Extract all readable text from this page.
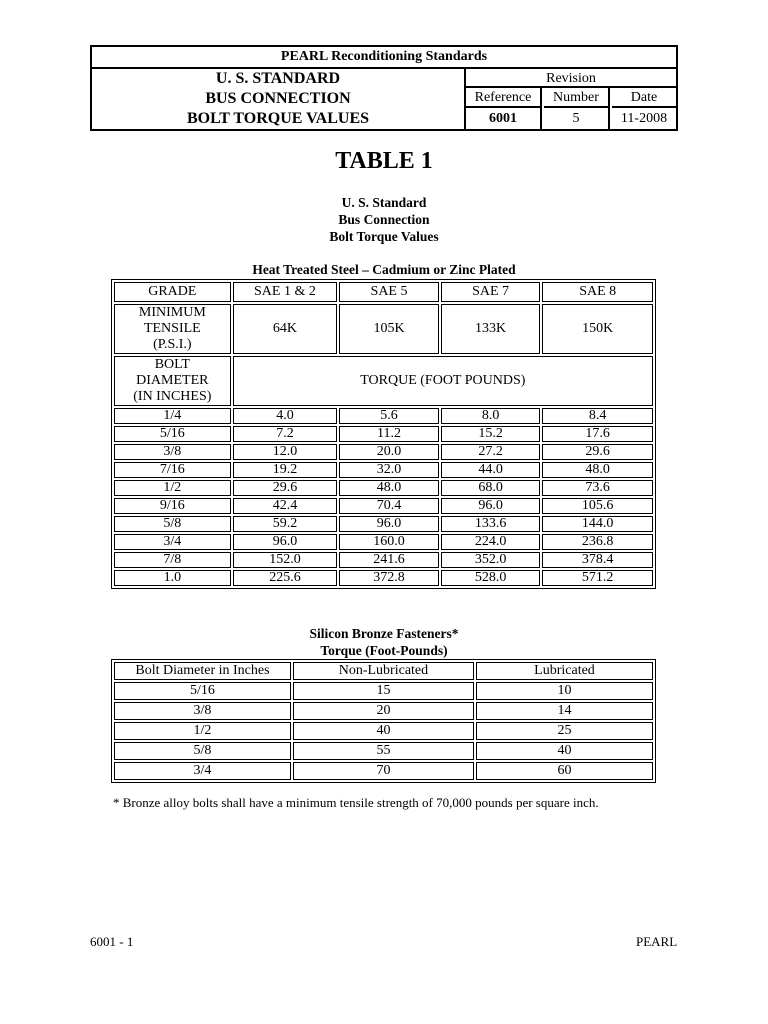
PEARL Reconditioning Standards
U. S. STANDARD
BUS CONNECTION
BOLT TORQUE VALUES
Revision
Reference	Number	Date
6001	5	11-2008
TABLE 1
U. S. Standard
Bus Connection
Bolt Torque Values
Heat Treated Steel – Cadmium or Zinc Plated
GRADE	SAE 1 & 2	SAE 5	SAE 7	SAE 8

MINIMUM
TENSILE
(P.S.I.)	64K	105K	133K	150K

BOLT
DIAMETER
(IN INCHES)	TORQUE (FOOT POUNDS)			
1/4	4.0	5.6	8.0	8.4
5/16	7.2	11.2	15.2	17.6
3/8	12.0	20.0	27.2	29.6
7/16	19.2	32.0	44.0	48.0
1/2	29.6	48.0	68.0	73.6
9/16	42.4	70.4	96.0	105.6
5/8	59.2	96.0	133.6	144.0
3/4	96.0	160.0	224.0	236.8
7/8	152.0	241.6	352.0	378.4
1.0	225.6	372.8	528.0	571.2
Silicon Bronze Fasteners*
Torque (Foot-Pounds)
Bolt Diameter in Inches	Non-Lubricated	Lubricated
5/16	15	10
3/8	20	14
1/2	40	25
5/8	55	40
3/4	70	60
* Bronze alloy bolts shall have a minimum tensile strength of 70,000 pounds per square inch.
6001 - 1	PEARL
